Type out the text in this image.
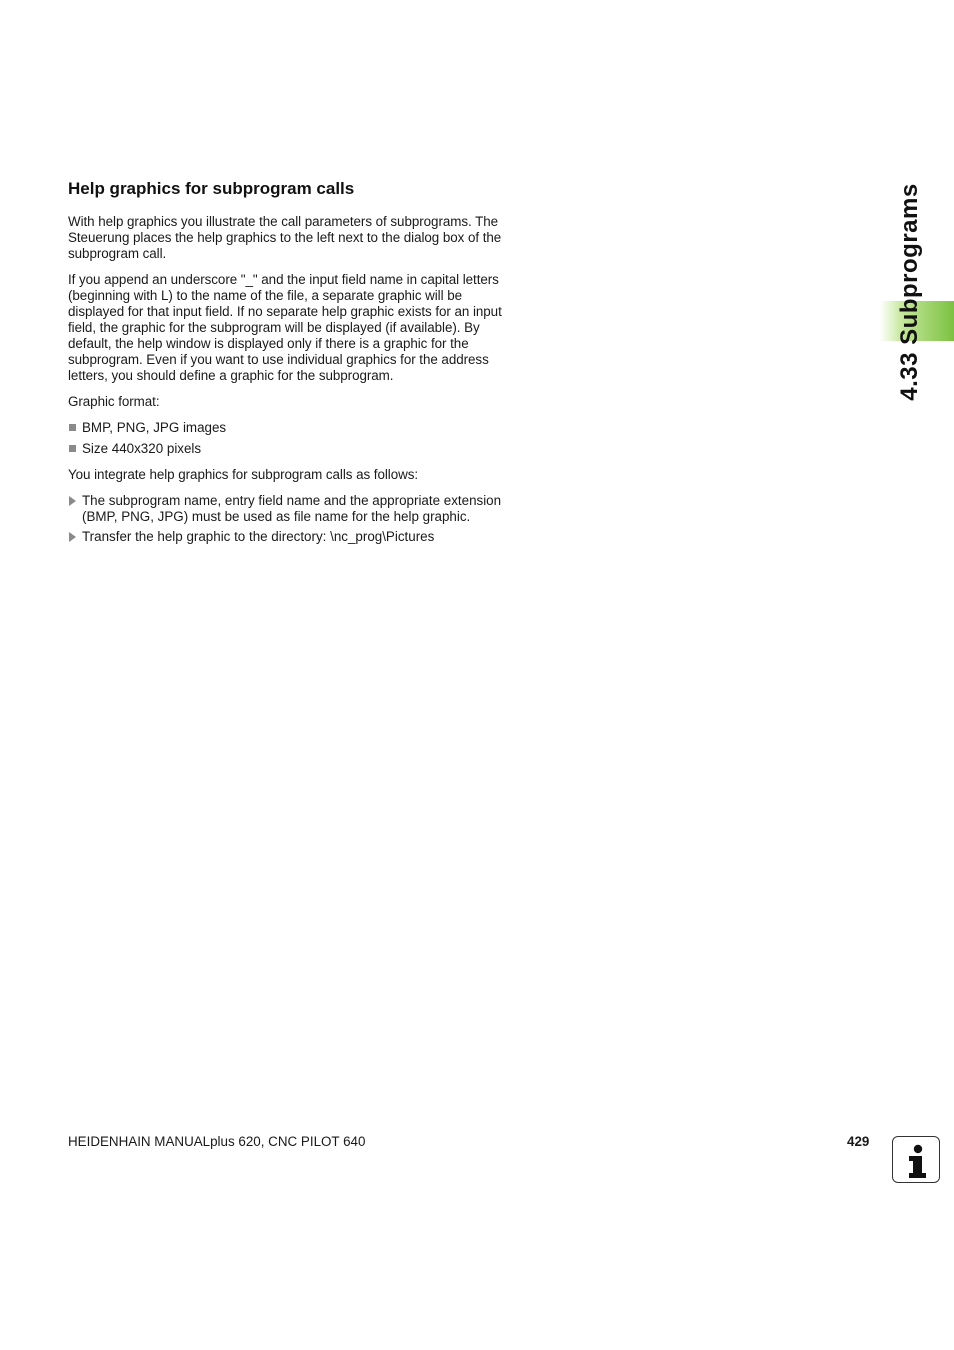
Help graphics for subprogram calls

With help graphics you illustrate the call parameters of subprograms. The Steuerung places the help graphics to the left next to the dialog box of the subprogram call.

If you append an underscore "_" and the input field name in capital letters (beginning with L) to the name of the file, a separate graphic will be displayed for that input field. If no separate help graphic exists for an input field, the graphic for the subprogram will be displayed (if available). By default, the help window is displayed only if there is a graphic for the subprogram. Even if you want to use individual graphics for the address letters, you should define a graphic for the subprogram.

Graphic format:

BMP, PNG, JPG images
Size 440x320 pixels

You integrate help graphics for subprogram calls as follows:

The subprogram name, entry field name and the appropriate extension (BMP, PNG, JPG) must be used as file name for the help graphic.
Transfer the help graphic to the directory: \nc_prog\Pictures
4.33 Subprograms
HEIDENHAIN MANUALplus 620, CNC PILOT 640	429
